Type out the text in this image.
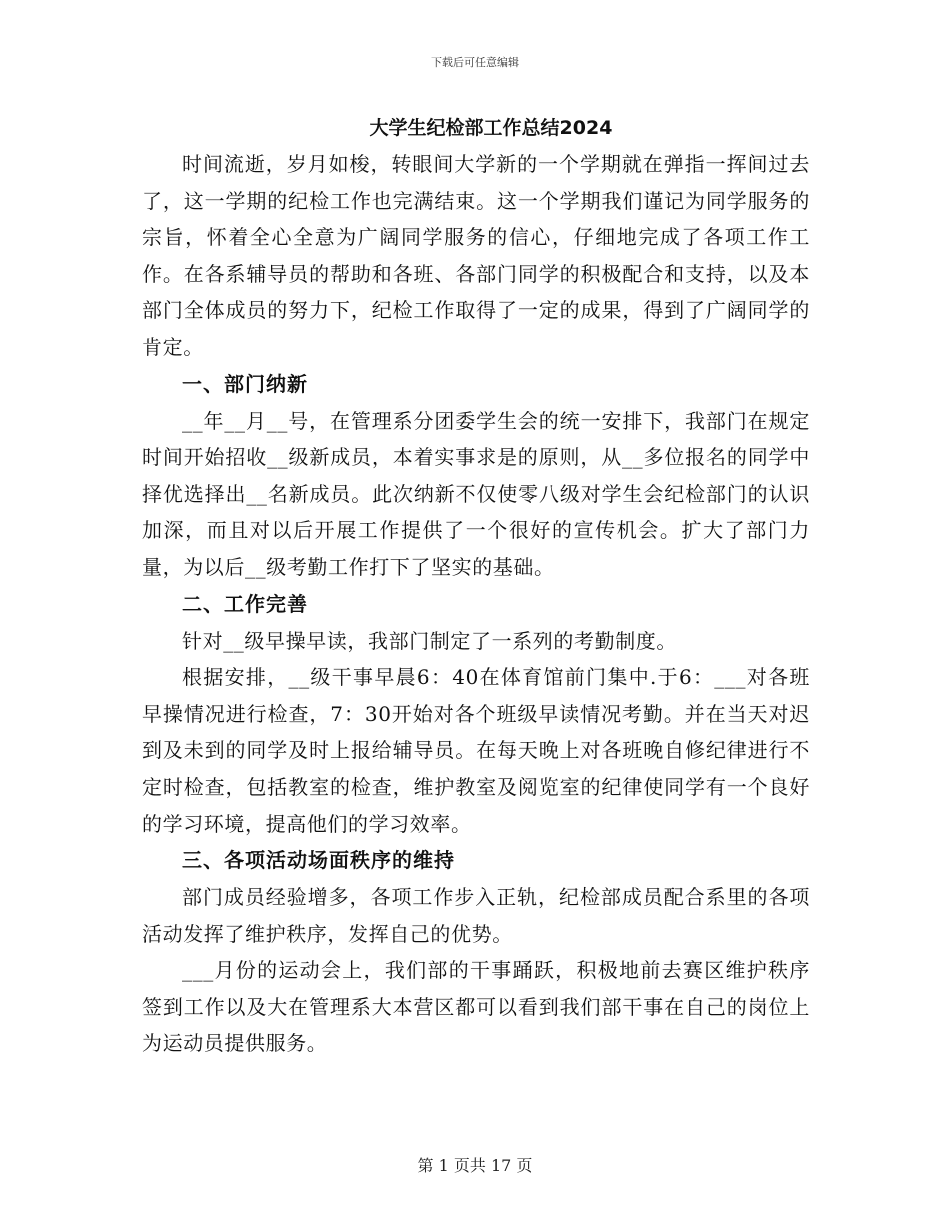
下载后可任意编辑
大学生纪检部工作总结2024

时间流逝，岁月如梭，转眼间大学新的一个学期就在弹指一挥间过去了，这一学期的纪检工作也完满结束。这一个学期我们谨记为同学服务的宗旨，怀着全心全意为广阔同学服务的信心，仔细地完成了各项工作工作。在各系辅导员的帮助和各班、各部门同学的积极配合和支持，以及本部门全体成员的努力下，纪检工作取得了一定的成果，得到了广阔同学的肯定。

一、部门纳新

__年__月__号，在管理系分团委学生会的统一安排下，我部门在规定时间开始招收__级新成员，本着实事求是的原则，从__多位报名的同学中择优选择出__名新成员。此次纳新不仅使零八级对学生会纪检部门的认识加深，而且对以后开展工作提供了一个很好的宣传机会。扩大了部门力量，为以后__级考勤工作打下了坚实的基础。

二、工作完善

针对__级早操早读，我部门制定了一系列的考勤制度。

根据安排，__级干事早晨6：40在体育馆前门集中.于6：___对各班早操情况进行检查，7：30开始对各个班级早读情况考勤。并在当天对迟到及未到的同学及时上报给辅导员。在每天晚上对各班晚自修纪律进行不定时检查，包括教室的检查，维护教室及阅览室的纪律使同学有一个良好的学习环境，提高他们的学习效率。

三、各项活动场面秩序的维持

部门成员经验增多，各项工作步入正轨，纪检部成员配合系里的各项活动发挥了维护秩序，发挥自己的优势。

___月份的运动会上，我们部的干事踊跃，积极地前去赛区维护秩序签到工作以及大在管理系大本营区都可以看到我们部干事在自己的岗位上为运动员提供服务。

第 1 页共 17 页
